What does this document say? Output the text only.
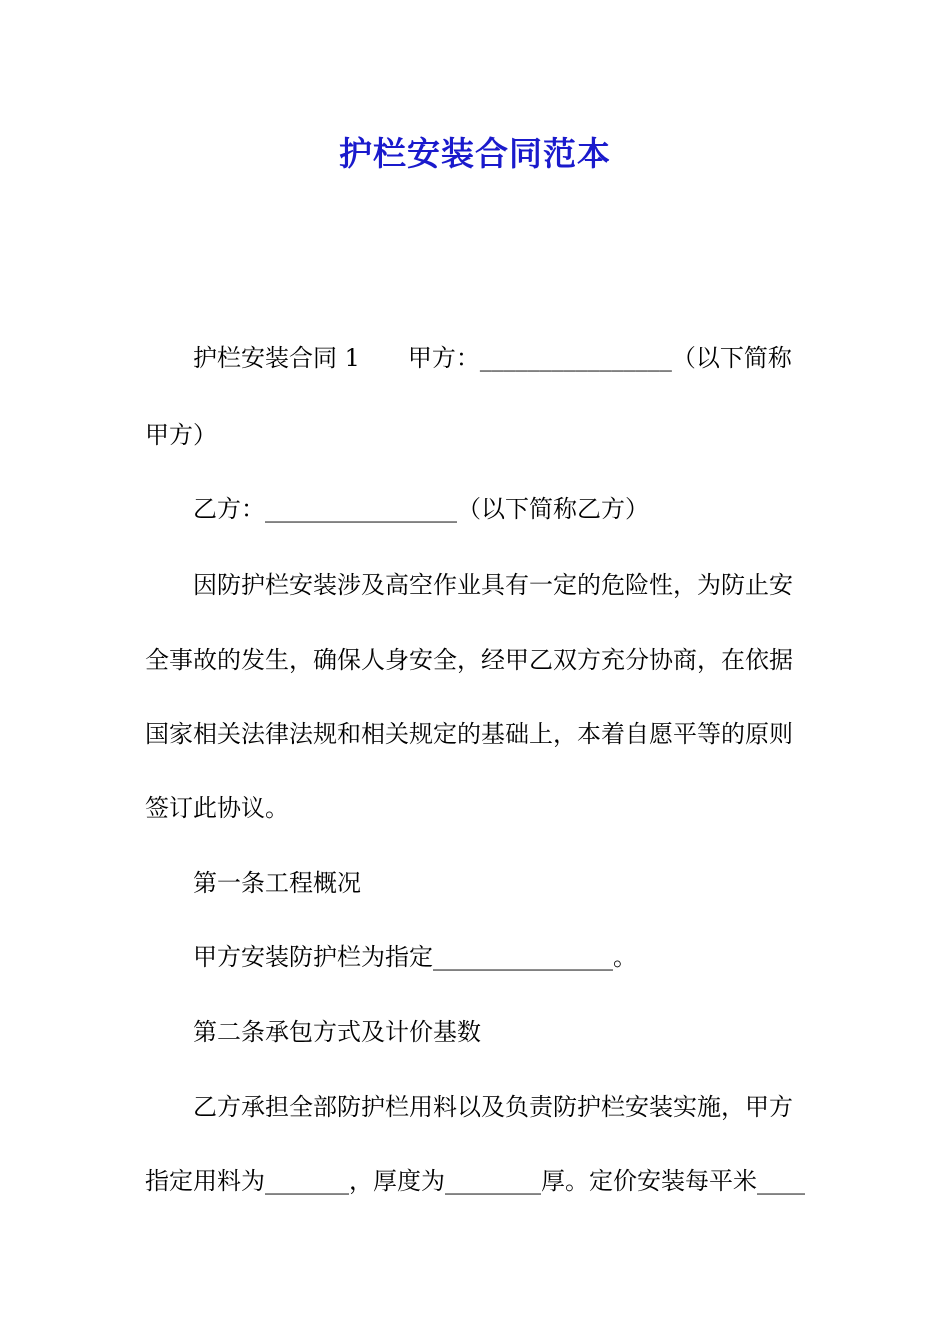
护栏安装合同范本
护栏安装合同 1　　甲方：________________（以下简称
甲方）
乙方：________________（以下简称乙方）
因防护栏安装涉及高空作业具有一定的危险性，为防止安
全事故的发生，确保人身安全，经甲乙双方充分协商，在依据
国家相关法律法规和相关规定的基础上，本着自愿平等的原则
签订此协议。
第一条工程概况
甲方安装防护栏为指定_______________。
第二条承包方式及计价基数
乙方承担全部防护栏用料以及负责防护栏安装实施，甲方
指定用料为_______，厚度为________厚。定价安装每平米____
